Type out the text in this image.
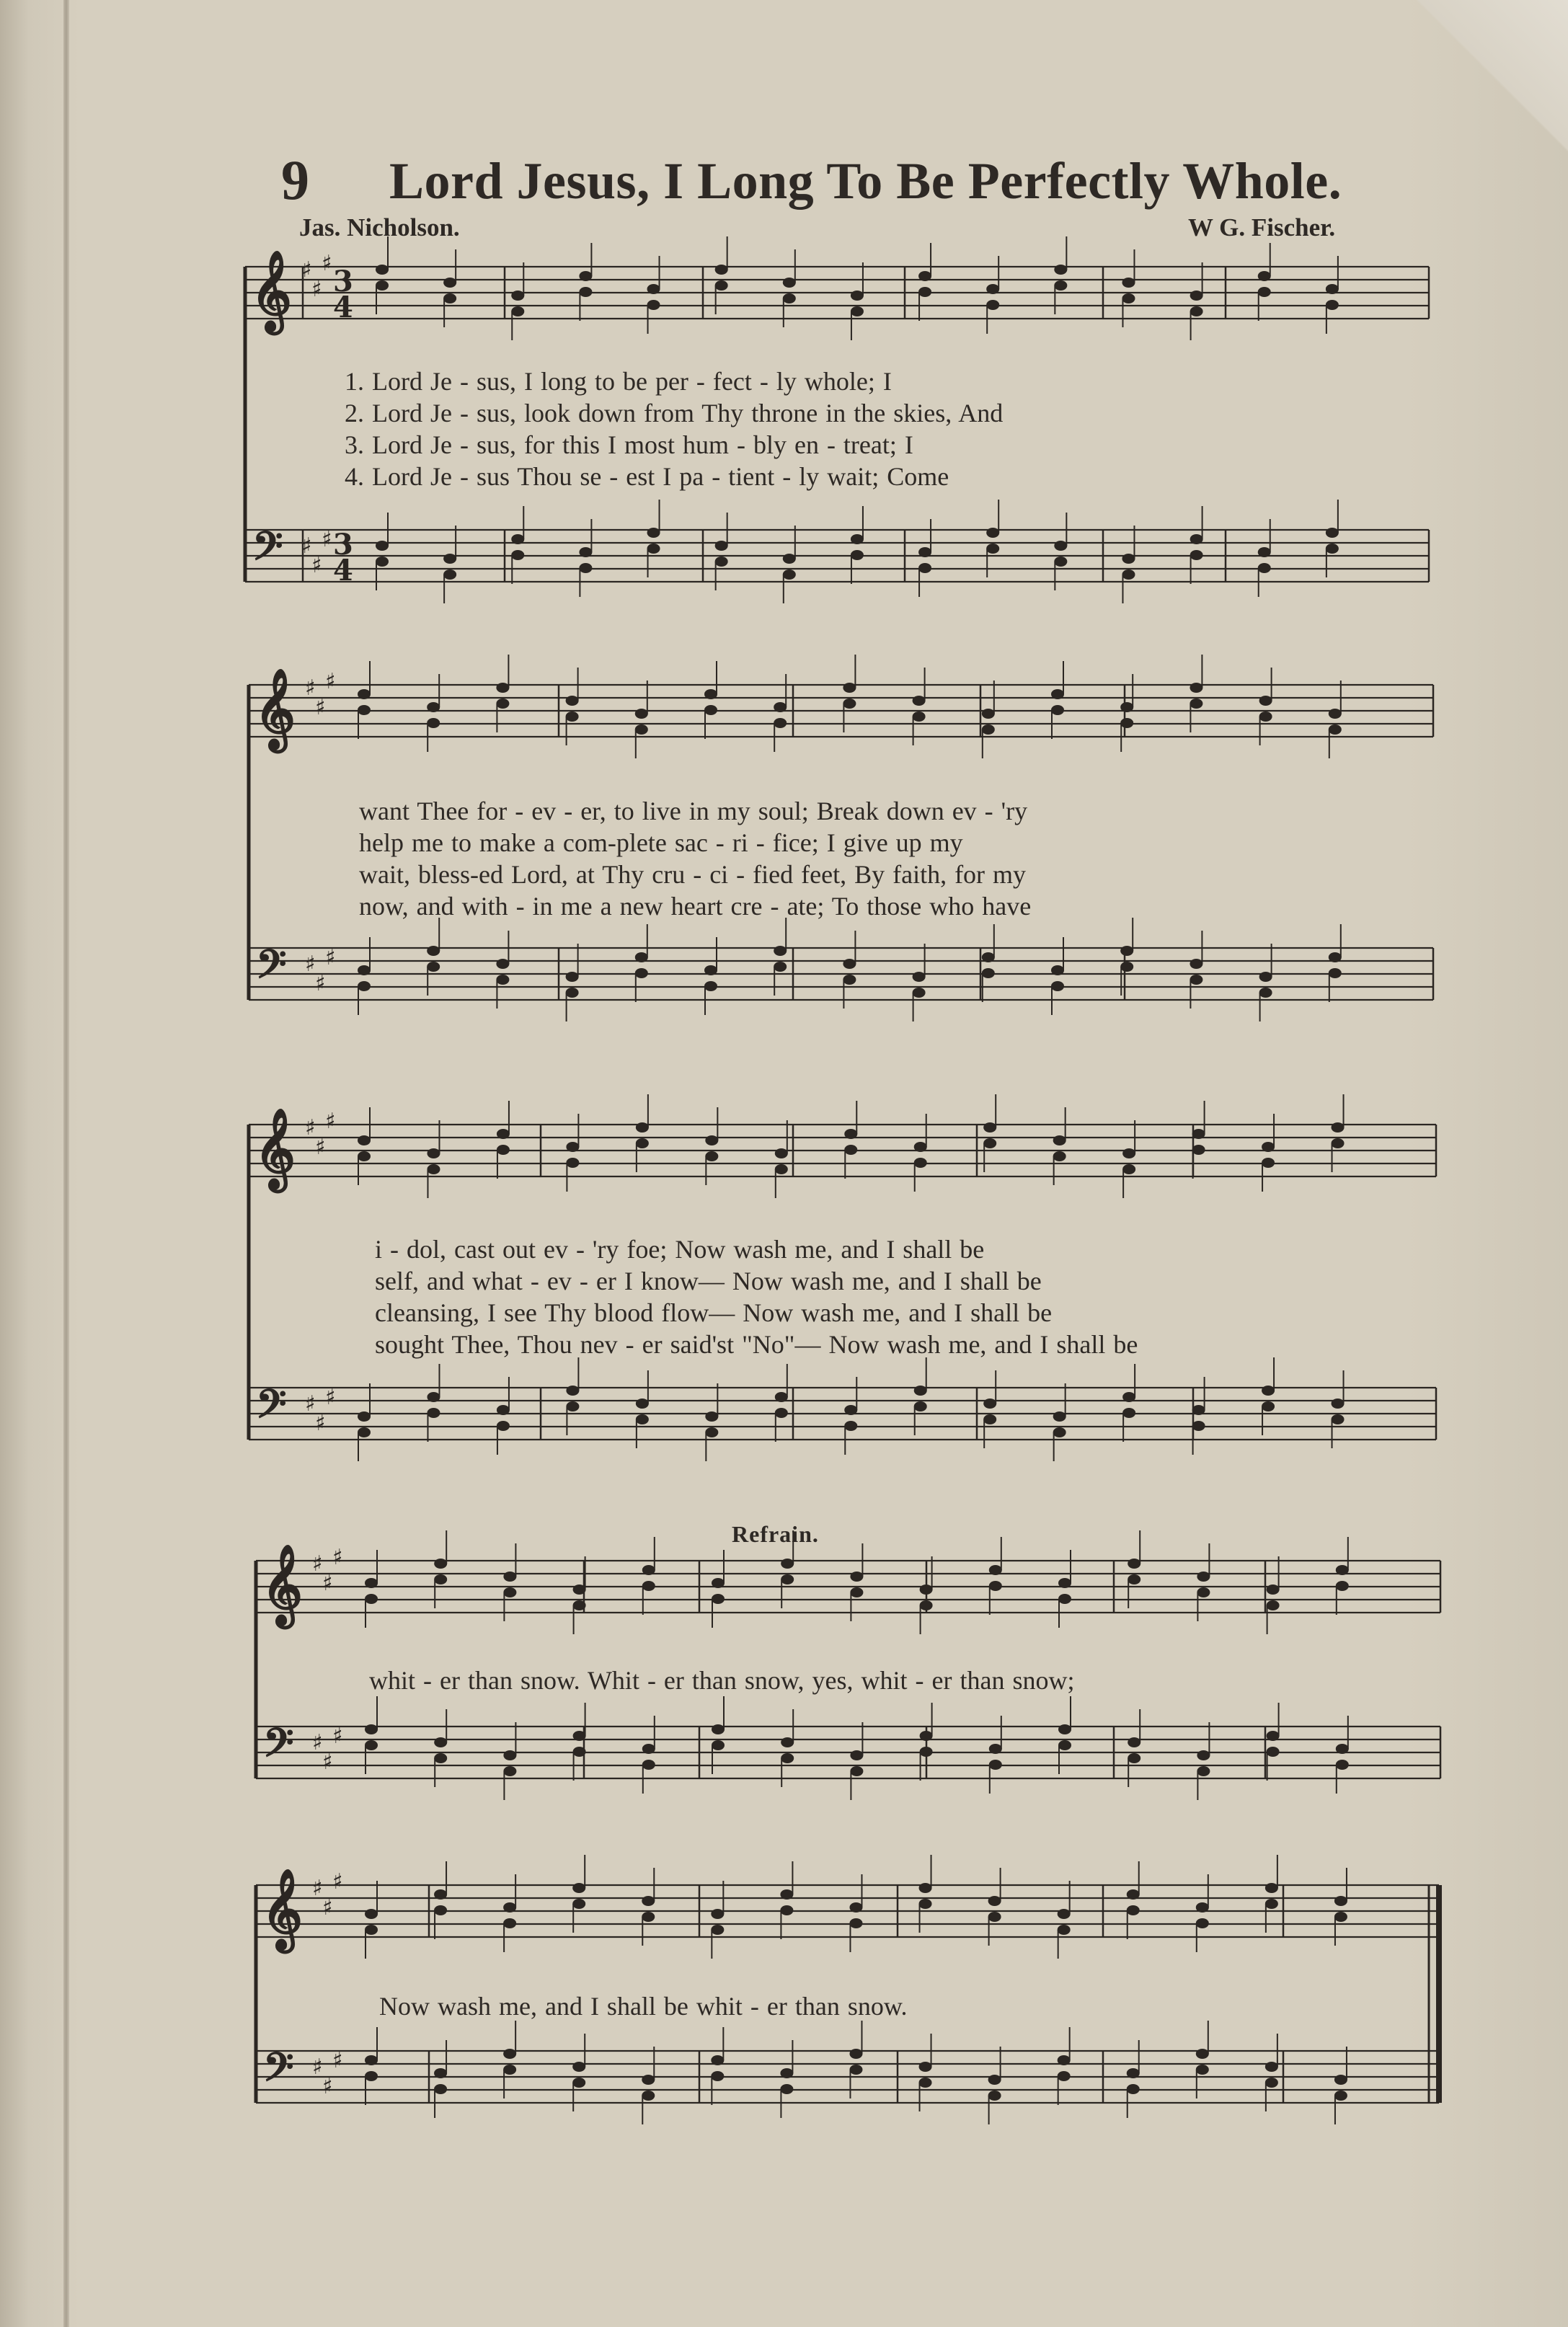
9 Lord Jesus, I Long To Be Perfectly Whole.
Jas. Nicholson.	W G. Fischer.
𝄞
𝄢
♯
♯
♯
♯
♯
♯
3
4
3
4
𝄞
𝄢
♯
♯
♯
♯
♯
♯
𝄞
𝄢
♯
♯
♯
♯
♯
♯
𝄞
𝄢
♯
♯
♯
♯
♯
♯
𝄞
𝄢
♯
♯
♯
♯
♯
♯
1. Lord Je - sus, I long to be per - fect - ly whole; I
2. Lord Je - sus, look down from Thy throne in the skies, And
3. Lord Je - sus, for this I most hum - bly en - treat; I
4. Lord Je - sus Thou se - est I pa - tient - ly wait; Come
want Thee for - ev - er, to live in my soul; Break down ev - 'ry
help me to make a com-plete sac - ri - fice; I give up my
wait, bless-ed Lord, at Thy cru - ci - fied feet, By faith, for my
now, and with - in me a new heart cre - ate; To those who have
i - dol, cast out ev - 'ry foe; Now wash me, and I shall be
self, and what - ev - er I know— Now wash me, and I shall be
cleansing, I see Thy blood flow— Now wash me, and I shall be
sought Thee, Thou nev - er said'st "No"— Now wash me, and I shall be
Refrain.
whit - er than snow. Whit - er than snow, yes, whit - er than snow;
Now wash me, and I shall be whit - er than snow.
